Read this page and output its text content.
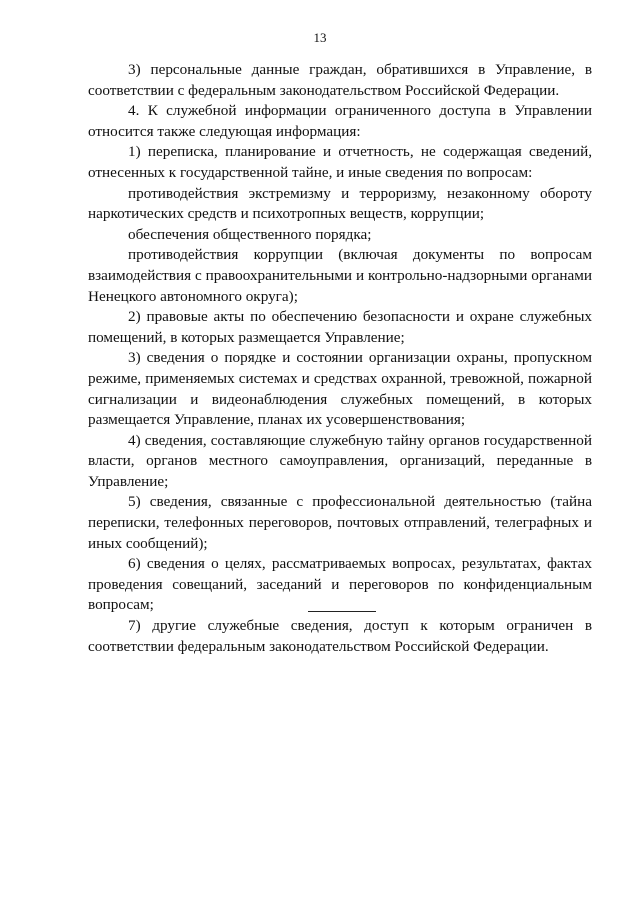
13

3) персональные данные граждан, обратившихся в Управление, в соответствии с федеральным законодательством Российской Федерации.

4. К служебной информации ограниченного доступа в Управлении относится также следующая информация:

1) переписка, планирование и отчетность, не содержащая сведений, отнесенных к государственной тайне, и иные сведения по вопросам:

противодействия экстремизму и терроризму, незаконному обороту наркотических средств и психотропных веществ, коррупции;

обеспечения общественного порядка;

противодействия коррупции (включая документы по вопросам взаимодействия с правоохранительными и контрольно-надзорными органами Ненецкого автономного округа);

2) правовые акты по обеспечению безопасности и охране служебных помещений, в которых размещается Управление;

3) сведения о порядке и состоянии организации охраны, пропускном режиме, применяемых системах и средствах охранной, тревожной, пожарной сигнализации и видеонаблюдения служебных помещений, в которых размещается Управление, планах их усовершенствования;

4) сведения, составляющие служебную тайну органов государственной власти, органов местного самоуправления, организаций, переданные в Управление;

5) сведения, связанные с профессиональной деятельностью (тайна переписки, телефонных переговоров, почтовых отправлений, телеграфных и иных сообщений);

6) сведения о целях, рассматриваемых вопросах, результатах, фактах проведения совещаний, заседаний и переговоров по конфиденциальным вопросам;

7) другие служебные сведения, доступ к которым ограничен в соответствии федеральным законодательством Российской Федерации.
